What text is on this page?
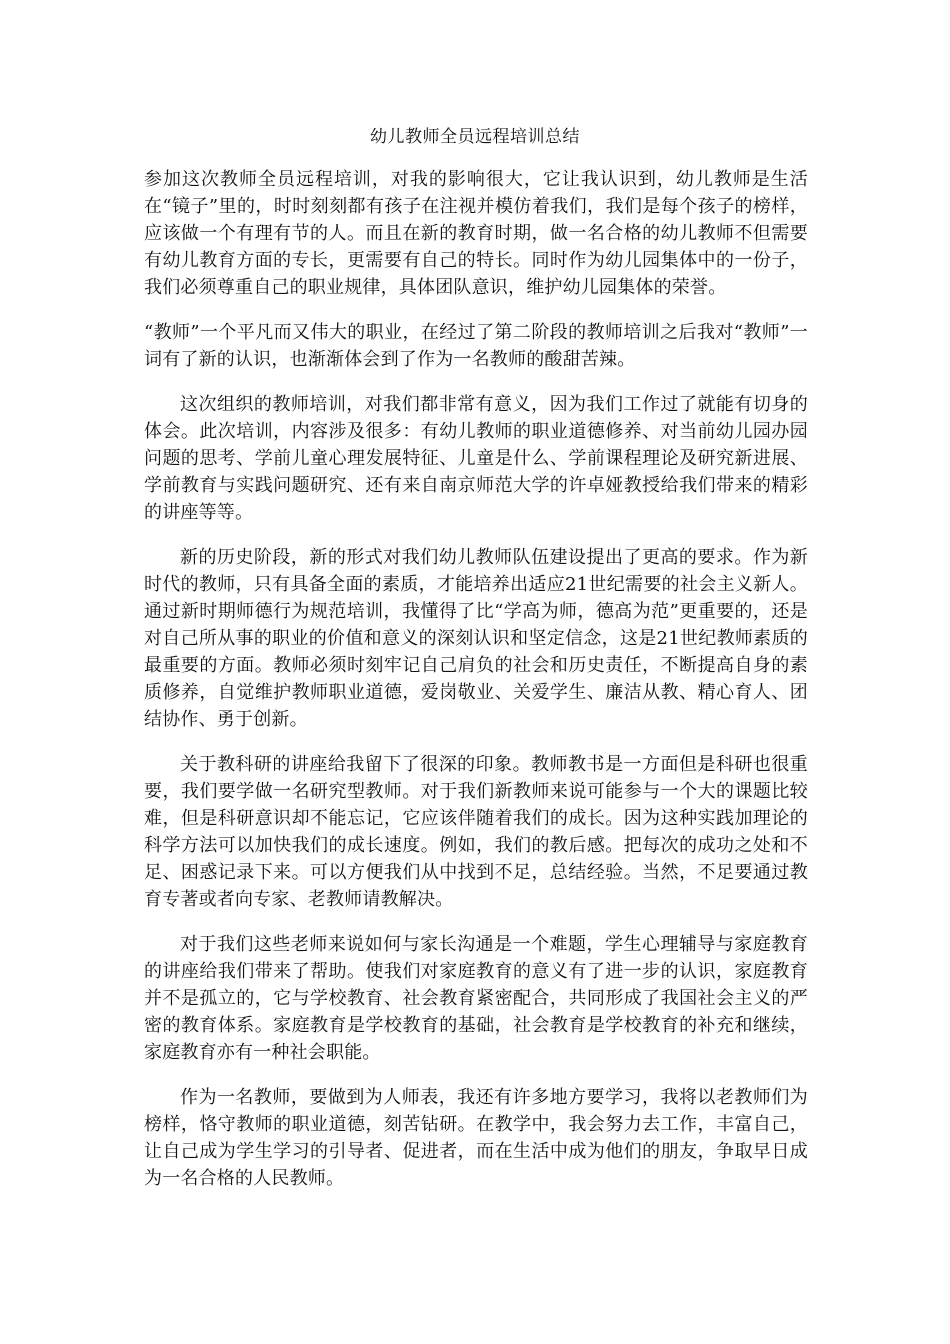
幼儿教师全员远程培训总结

参加这次教师全员远程培训，对我的影响很大，它让我认识到，幼儿教师是生活在“镜子”里的，时时刻刻都有孩子在注视并模仿着我们，我们是每个孩子的榜样，应该做一个有理有节的人。而且在新的教育时期，做一名合格的幼儿教师不但需要有幼儿教育方面的专长，更需要有自己的特长。同时作为幼儿园集体中的一份子，我们必须尊重自己的职业规律，具体团队意识，维护幼儿园集体的荣誉。

“教师”一个平凡而又伟大的职业，在经过了第二阶段的教师培训之后我对“教师”一词有了新的认识，也渐渐体会到了作为一名教师的酸甜苦辣。

这次组织的教师培训，对我们都非常有意义，因为我们工作过了就能有切身的体会。此次培训，内容涉及很多：有幼儿教师的职业道德修养、对当前幼儿园办园问题的思考、学前儿童心理发展特征、儿童是什么、学前课程理论及研究新进展、学前教育与实践问题研究、还有来自南京师范大学的许卓娅教授给我们带来的精彩的讲座等等。

新的历史阶段，新的形式对我们幼儿教师队伍建设提出了更高的要求。作为新时代的教师，只有具备全面的素质，才能培养出适应21世纪需要的社会主义新人。通过新时期师德行为规范培训，我懂得了比“学高为师，德高为范”更重要的，还是对自己所从事的职业的价值和意义的深刻认识和坚定信念，这是21世纪教师素质的最重要的方面。教师必须时刻牢记自己肩负的社会和历史责任，不断提高自身的素质修养，自觉维护教师职业道德，爱岗敬业、关爱学生、廉洁从教、精心育人、团结协作、勇于创新。

关于教科研的讲座给我留下了很深的印象。教师教书是一方面但是科研也很重要，我们要学做一名研究型教师。对于我们新教师来说可能参与一个大的课题比较难，但是科研意识却不能忘记，它应该伴随着我们的成长。因为这种实践加理论的科学方法可以加快我们的成长速度。例如，我们的教后感。把每次的成功之处和不足、困惑记录下来。可以方便我们从中找到不足，总结经验。当然，不足要通过教育专著或者向专家、老教师请教解决。

对于我们这些老师来说如何与家长沟通是一个难题，学生心理辅导与家庭教育的讲座给我们带来了帮助。使我们对家庭教育的意义有了进一步的认识，家庭教育并不是孤立的，它与学校教育、社会教育紧密配合，共同形成了我国社会主义的严密的教育体系。家庭教育是学校教育的基础，社会教育是学校教育的补充和继续，家庭教育亦有一种社会职能。

作为一名教师，要做到为人师表，我还有许多地方要学习，我将以老教师们为榜样，恪守教师的职业道德，刻苦钻研。在教学中，我会努力去工作，丰富自己，让自己成为学生学习的引导者、促进者，而在生活中成为他们的朋友，争取早日成为一名合格的人民教师。
